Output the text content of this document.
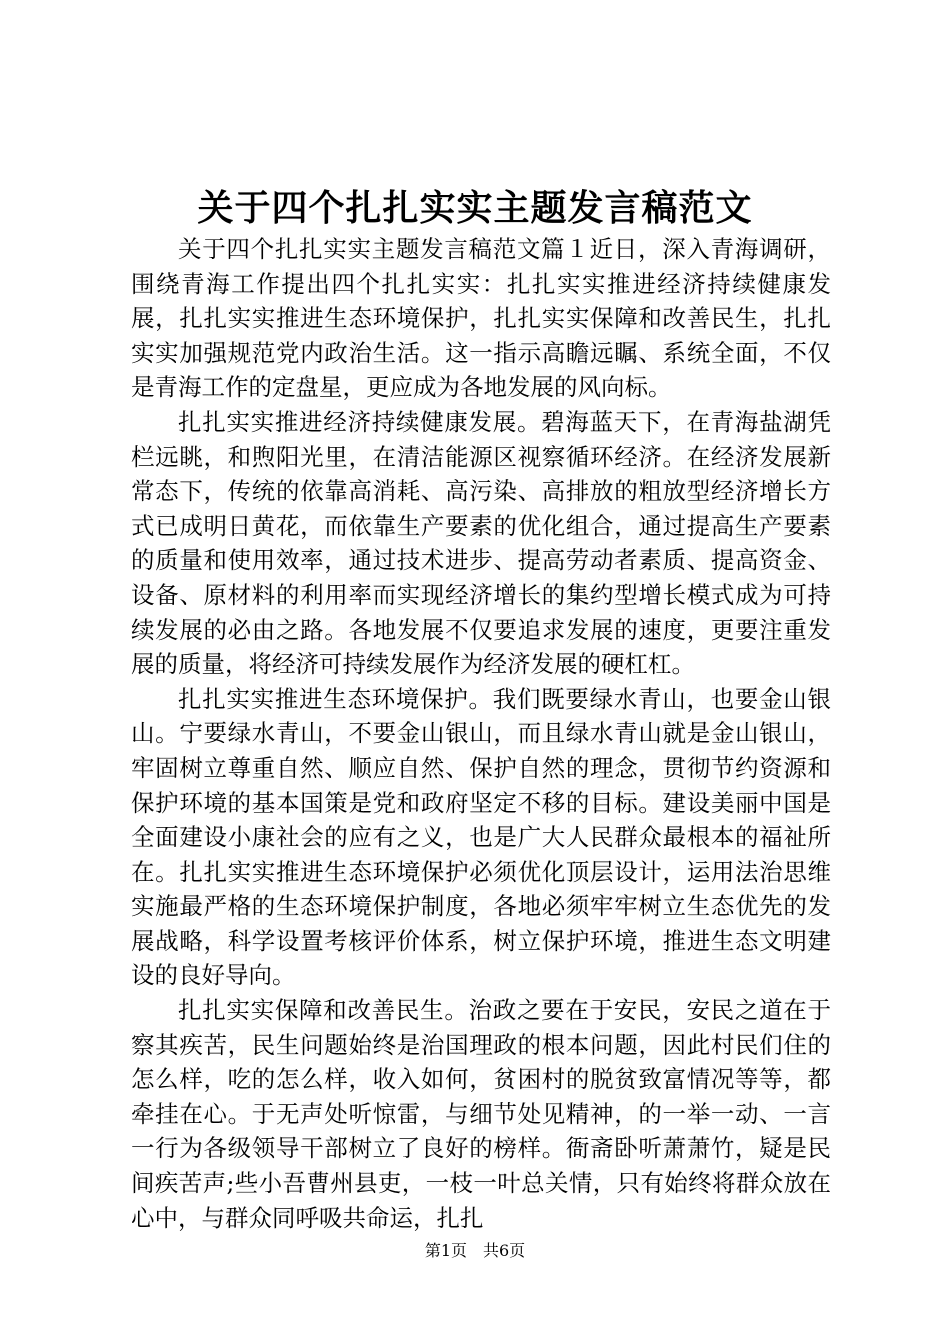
关于四个扎扎实实主题发言稿范文

关于四个扎扎实实主题发言稿范文篇１近日，深入青海调研，围绕青海工作提出四个扎扎实实：扎扎实实推进经济持续健康发展，扎扎实实推进生态环境保护，扎扎实实保障和改善民生，扎扎实实加强规范党内政治生活。这一指示高瞻远瞩、系统全面，不仅是青海工作的定盘星，更应成为各地发展的风向标。

扎扎实实推进经济持续健康发展。碧海蓝天下，在青海盐湖凭栏远眺，和煦阳光里，在清洁能源区视察循环经济。在经济发展新常态下，传统的依靠高消耗、高污染、高排放的粗放型经济增长方式已成明日黄花，而依靠生产要素的优化组合，通过提高生产要素的质量和使用效率，通过技术进步、提高劳动者素质、提高资金、设备、原材料的利用率而实现经济增长的集约型增长模式成为可持续发展的必由之路。各地发展不仅要追求发展的速度，更要注重发展的质量，将经济可持续发展作为经济发展的硬杠杠。

扎扎实实推进生态环境保护。我们既要绿水青山，也要金山银山。宁要绿水青山，不要金山银山，而且绿水青山就是金山银山，牢固树立尊重自然、顺应自然、保护自然的理念，贯彻节约资源和保护环境的基本国策是党和政府坚定不移的目标。建设美丽中国是全面建设小康社会的应有之义，也是广大人民群众最根本的福祉所在。扎扎实实推进生态环境保护必须优化顶层设计，运用法治思维实施最严格的生态环境保护制度，各地必须牢牢树立生态优先的发展战略，科学设置考核评价体系，树立保护环境，推进生态文明建设的良好导向。

扎扎实实保障和改善民生。治政之要在于安民，安民之道在于察其疾苦，民生问题始终是治国理政的根本问题，因此村民们住的怎么样，吃的怎么样，收入如何，贫困村的脱贫致富情况等等，都牵挂在心。于无声处听惊雷，与细节处见精神，的一举一动、一言一行为各级领导干部树立了良好的榜样。衙斋卧听萧萧竹，疑是民间疾苦声;些小吾曹州县吏，一枝一叶总关情，只有始终将群众放在心中，与群众同呼吸共命运，扎扎

第1页　共6页
